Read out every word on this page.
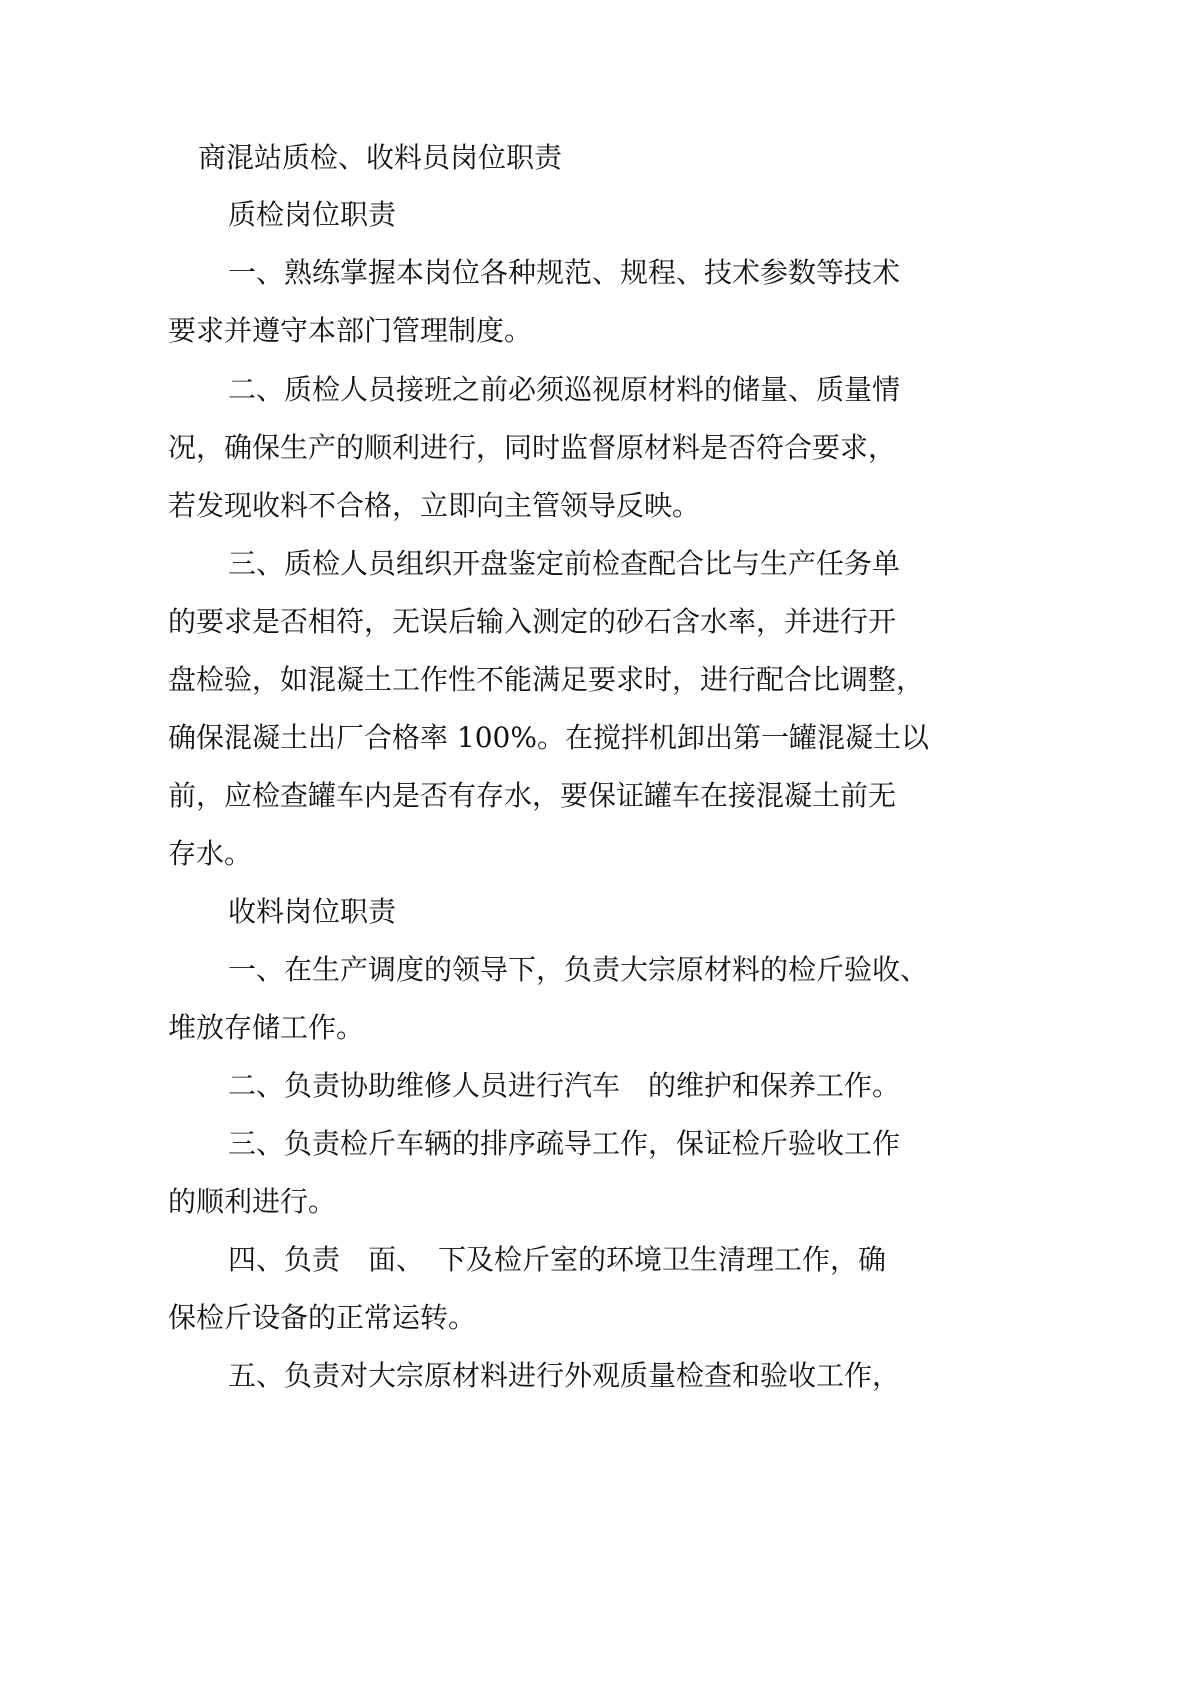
商混站质检、收料员岗位职责

质检岗位职责

一、熟练掌握本岗位各种规范、规程、技术参数等技术

要求并遵守本部门管理制度。

二、质检人员接班之前必须巡视原材料的储量、质量情

况，确保生产的顺利进行，同时监督原材料是否符合要求，

若发现收料不合格，立即向主管领导反映。

三、质检人员组织开盘鉴定前检查配合比与生产任务单

的要求是否相符，无误后输入测定的砂石含水率，并进行开

盘检验，如混凝土工作性不能满足要求时，进行配合比调整，

确保混凝土出厂合格率 100%。在搅拌机卸出第一罐混凝土以

前，应检查罐车内是否有存水，要保证罐车在接混凝土前无

存水。

收料岗位职责

一、在生产调度的领导下，负责大宗原材料的检斤验收、

堆放存储工作。

二、负责协助维修人员进行汽车　的维护和保养工作。

三、负责检斤车辆的排序疏导工作，保证检斤验收工作

的顺利进行。

四、负责　面、　下及检斤室的环境卫生清理工作，确

保检斤设备的正常运转。

五、负责对大宗原材料进行外观质量检查和验收工作，
